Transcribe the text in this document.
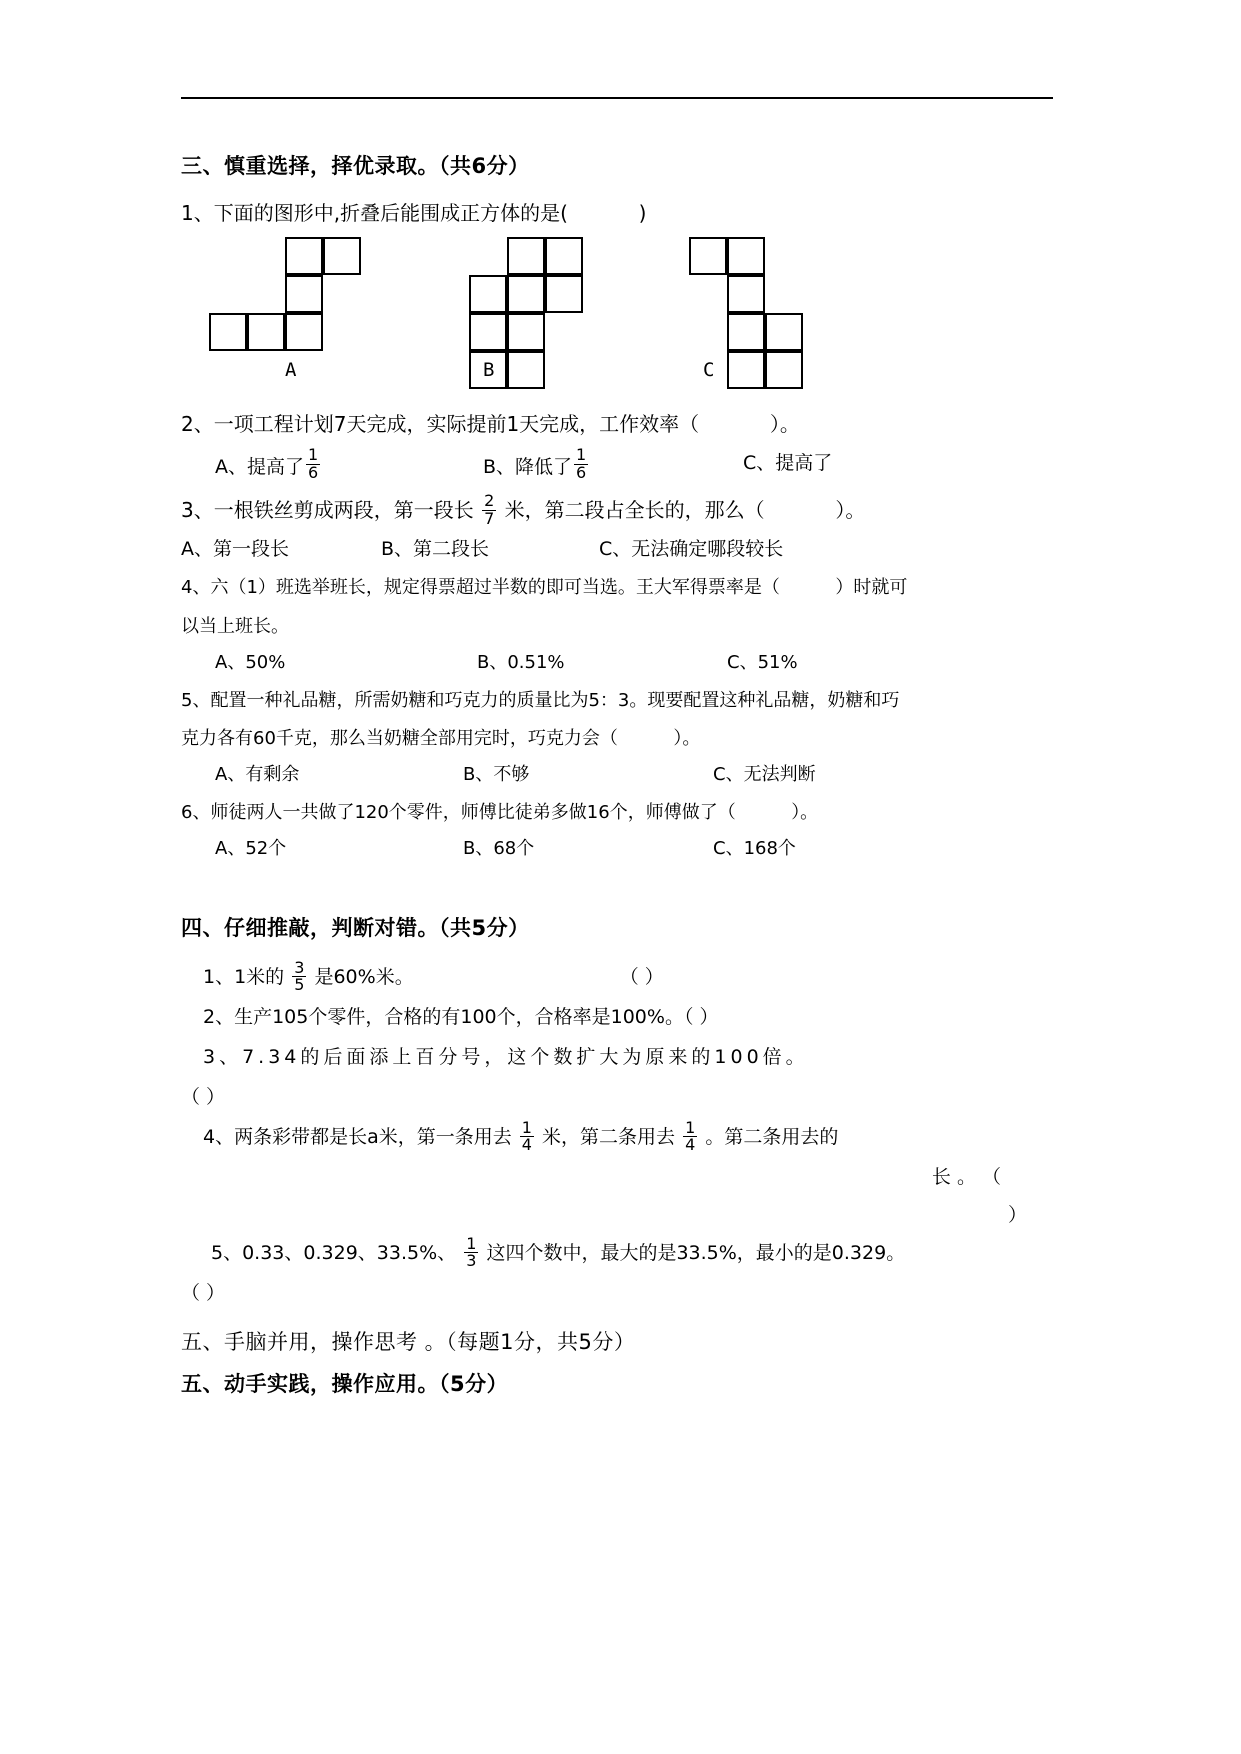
三、慎重选择，择优录取。（共6分）
1、下面的图形中,折叠后能围成正方体的是(	)
A	B	C
2、一项工程计划7天完成，实际提前1天完成，工作效率（	）。
A、提高了 $\frac{1}{6}$	B、降低了 $\frac{1}{6}$	C、提高了
3、一根铁丝剪成两段，第一段长 $\frac{2}{7}$ 米，第二段占全长的，那么（	）。
A、第一段长	B、第二段长	C、无法确定哪段较长
4、六（1）班选举班长，规定得票超过半数的即可当选。王大军得票率是（	）时就可
以当上班长。
A、50%	B、0.51%	C、51%
5、配置一种礼品糖，所需奶糖和巧克力的质量比为5：3。现要配置这种礼品糖，奶糖和巧
克力各有60千克，那么当奶糖全部用完时，巧克力会（	）。
A、有剩余	B、不够	C、无法判断
6、师徒两人一共做了120个零件，师傅比徒弟多做16个，师傅做了（	）。
A、52个	B、68个	C、168个
四、仔细推敲，判断对错。（共5分）
1、1米的 $\frac{3}{5}$ 是60%米。	（ ）
2、生产105个零件，合格的有100个，合格率是100%。（ ）
3、7.34的后面添上百分号，这个数扩大为原来的100倍。
（ ）
4、两条彩带都是长a米，第一条用去 $\frac{1}{4}$ 米，第二条用去 $\frac{1}{4}$ 。第二条用去的
长 。 （
）
5、0.33、0.329、33.5%、 $\frac{1}{3}$ 这四个数中，最大的是33.5%，最小的是0.329。
（ ）
五、手脑并用，操作思考 。（每题1分，共5分）
五、动手实践，操作应用。（5分）
